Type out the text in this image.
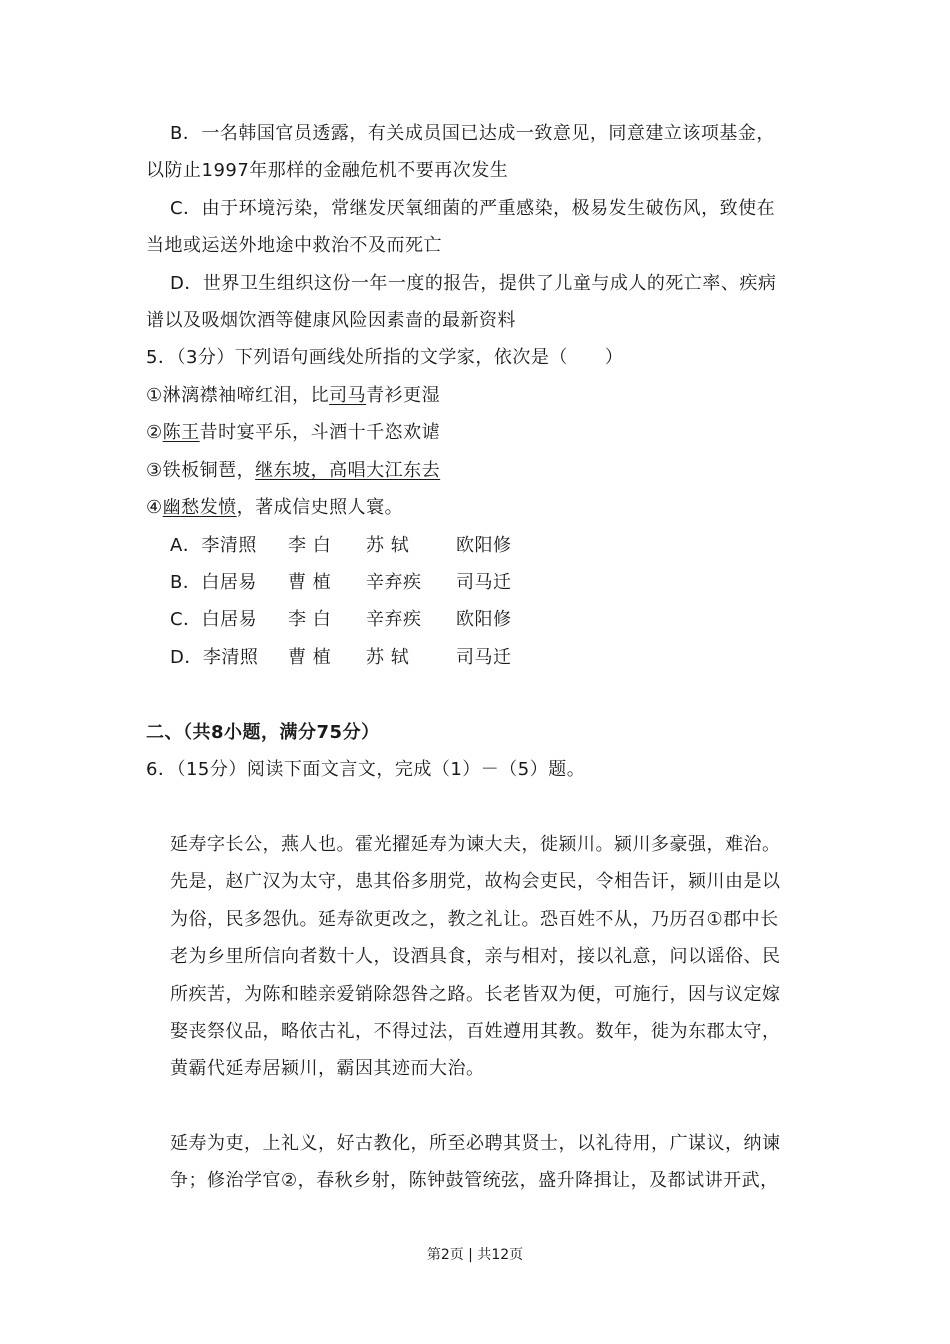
B．一名韩国官员透露，有关成员国已达成一致意见，同意建立该项基金，
以防止1997年那样的金融危机不要再次发生
C．由于环境污染，常继发厌氧细菌的严重感染，极易发生破伤风，致使在
当地或运送外地途中救治不及而死亡
D．世界卫生组织这份一年一度的报告，提供了儿童与成人的死亡率、疾病
谱以及吸烟饮酒等健康风险因素啬的最新资料
5．（3分）下列语句画线处所指的文学家，依次是（　　）
①淋漓襟袖啼红泪，比司马青衫更湿
②陈王昔时宴平乐，斗酒十千恣欢谑
③铁板铜琶，继东坡，高唱大江东去
④幽愁发愤，著成信史照人寰。
A．李清照 李 白 苏 轼	欧阳修
B．白居易 曹 植 辛弃疾 司马迁
C．白居易 李 白 辛弃疾 欧阳修
D．李清照 曹 植 苏 轼	司马迁
二、（共8小题，满分75分）
6．（15分）阅读下面文言文，完成（1）－（5）题。
延寿字长公，燕人也。霍光擢延寿为谏大夫，徙颍川。颍川多豪强，难治。
先是，赵广汉为太守，患其俗多朋党，故构会吏民，令相告讦，颍川由是以
为俗，民多怨仇。延寿欲更改之，教之礼让。恐百姓不从，乃历召①郡中长
老为乡里所信向者数十人，设酒具食，亲与相对，接以礼意，问以谣俗、民
所疾苦，为陈和睦亲爱销除怨咎之路。长老皆双为便，可施行，因与议定嫁
娶丧祭仪品，略依古礼，不得过法，百姓遵用其教。数年，徙为东郡太守，
黄霸代延寿居颍川，霸因其迹而大治。
延寿为吏，上礼义，好古教化，所至必聘其贤士，以礼待用，广谋议，纳谏
争；修治学官②，春秋乡射，陈钟鼓管统弦，盛升降揖让，及都试讲开武，
第2页 | 共12页
